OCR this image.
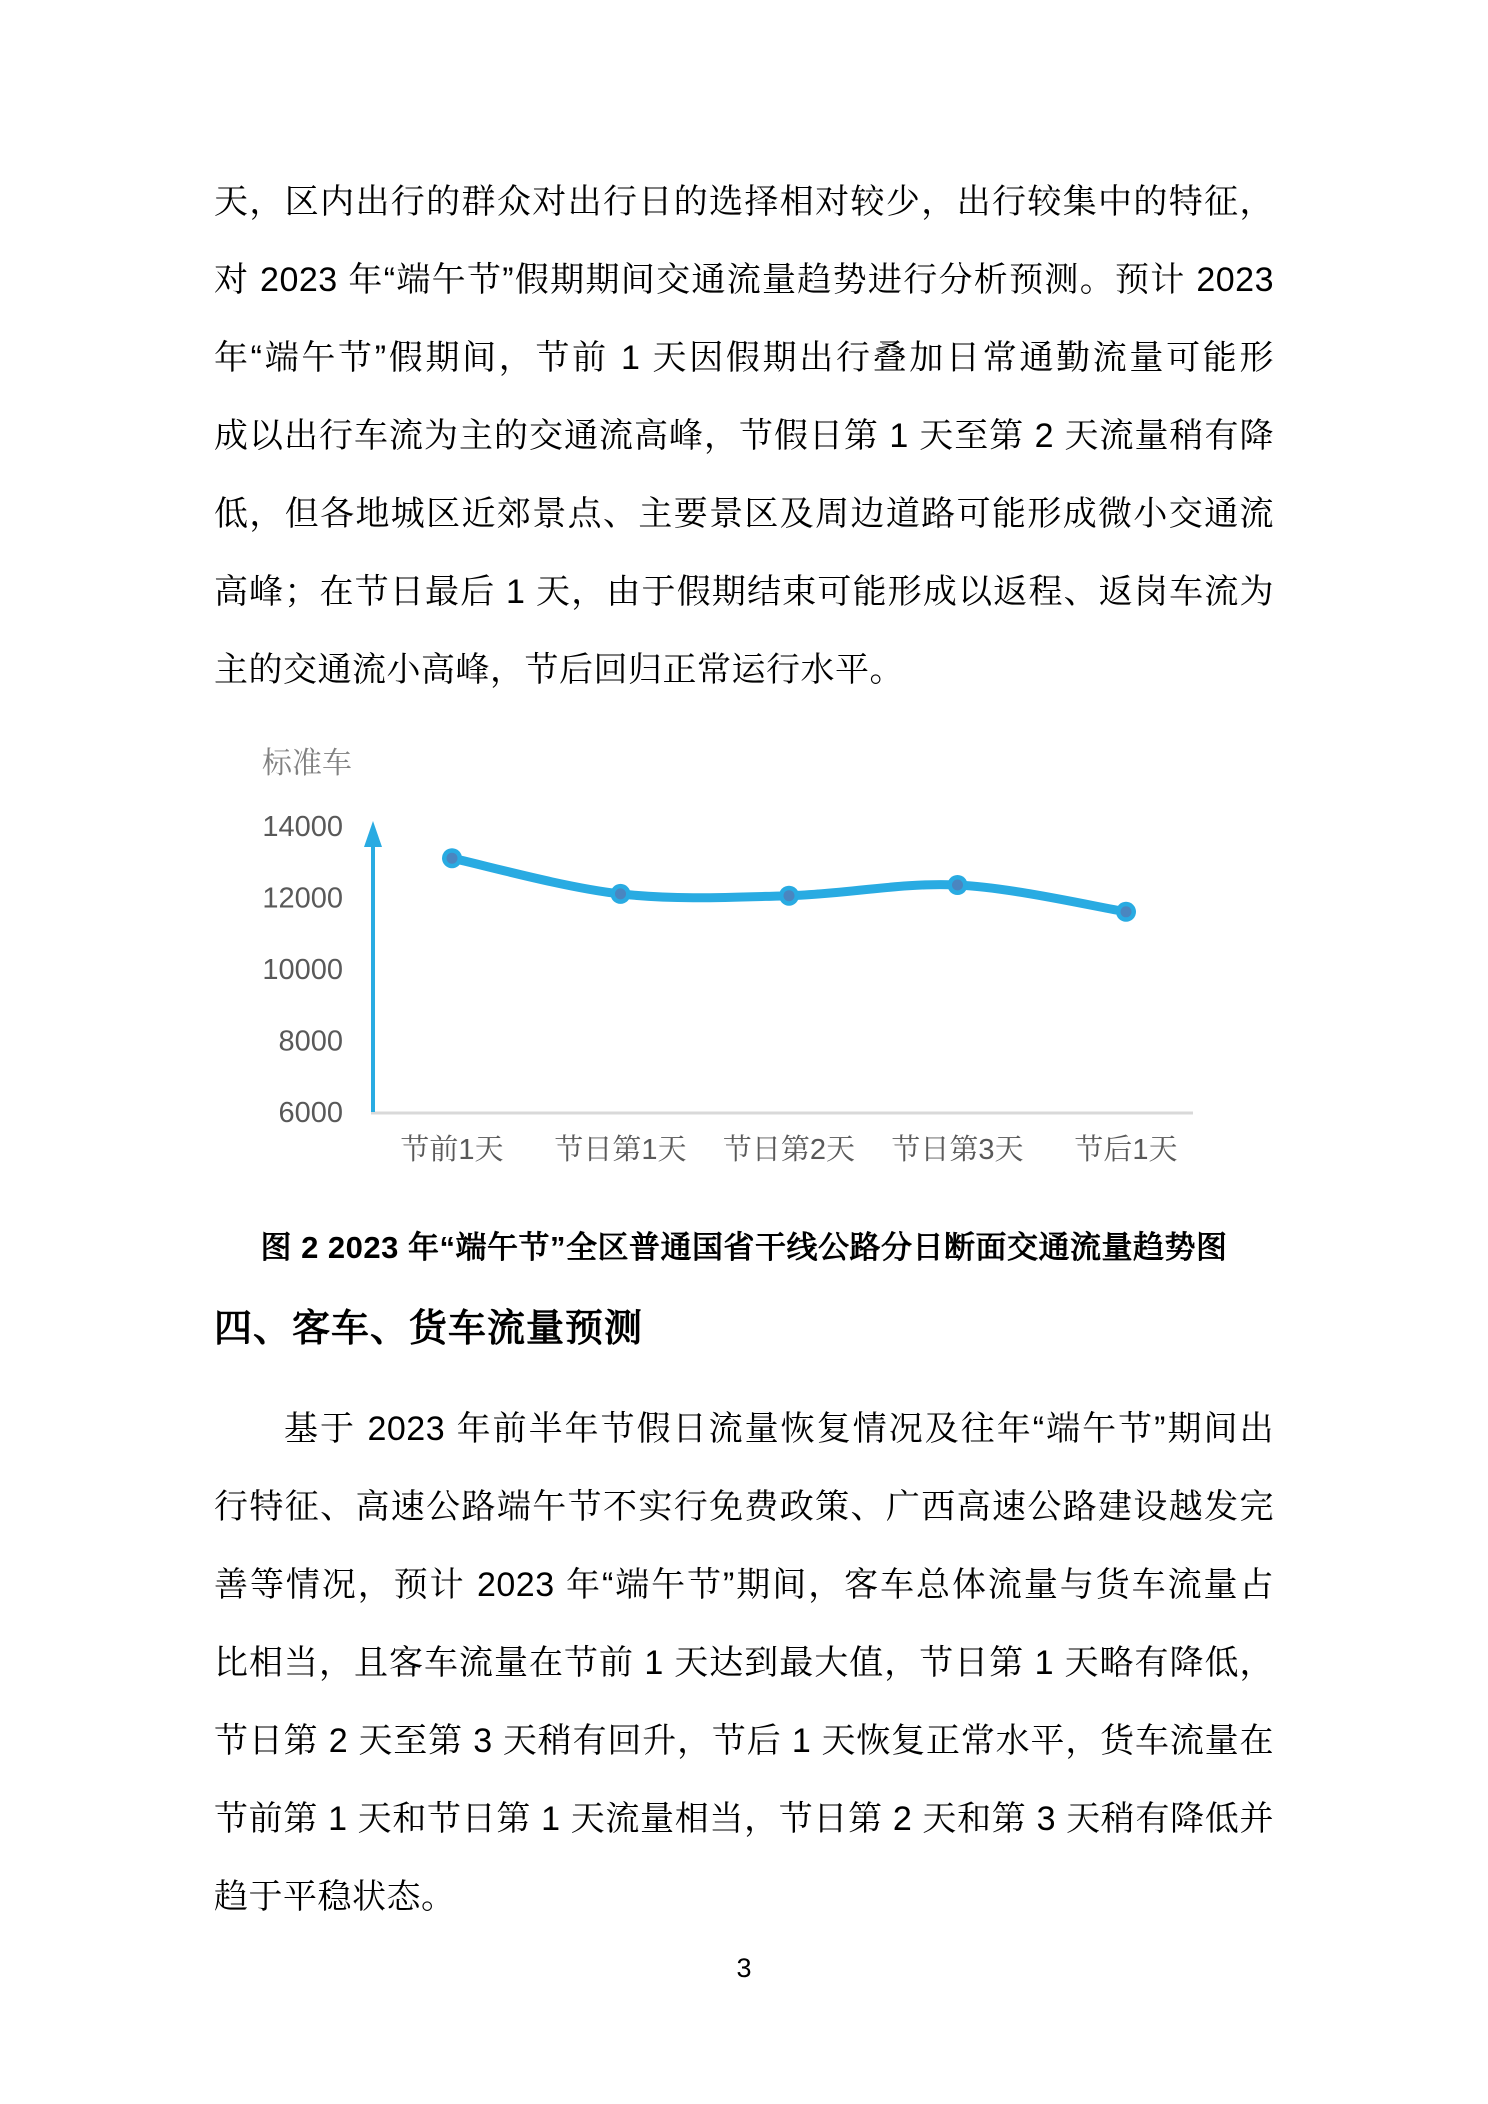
天，区内出行的群众对出行日的选择相对较少，出行较集中的特征，
对 2023 年“端午节”假期期间交通流量趋势进行分析预测。预计 2023
年“端午节”假期间，节前 1 天因假期出行叠加日常通勤流量可能形
成以出行车流为主的交通流高峰，节假日第 1 天至第 2 天流量稍有降
低，但各地城区近郊景点、主要景区及周边道路可能形成微小交通流
高峰；在节日最后 1 天，由于假期结束可能形成以返程、返岗车流为
主的交通流小高峰，节后回归正常运行水平。
标准车
14000
12000
10000
8000
6000
节前1天 节日第1天 节日第2天 节日第3天 节后1天
图 2 2023 年“端午节”全区普通国省干线公路分日断面交通流量趋势图
四、客车、货车流量预测
基于 2023 年前半年节假日流量恢复情况及往年“端午节”期间出
行特征、高速公路端午节不实行免费政策、广西高速公路建设越发完
善等情况，预计 2023 年“端午节”期间，客车总体流量与货车流量占
比相当，且客车流量在节前 1 天达到最大值，节日第 1 天略有降低，
节日第 2 天至第 3 天稍有回升，节后 1 天恢复正常水平，货车流量在
节前第 1 天和节日第 1 天流量相当，节日第 2 天和第 3 天稍有降低并
趋于平稳状态。
3
